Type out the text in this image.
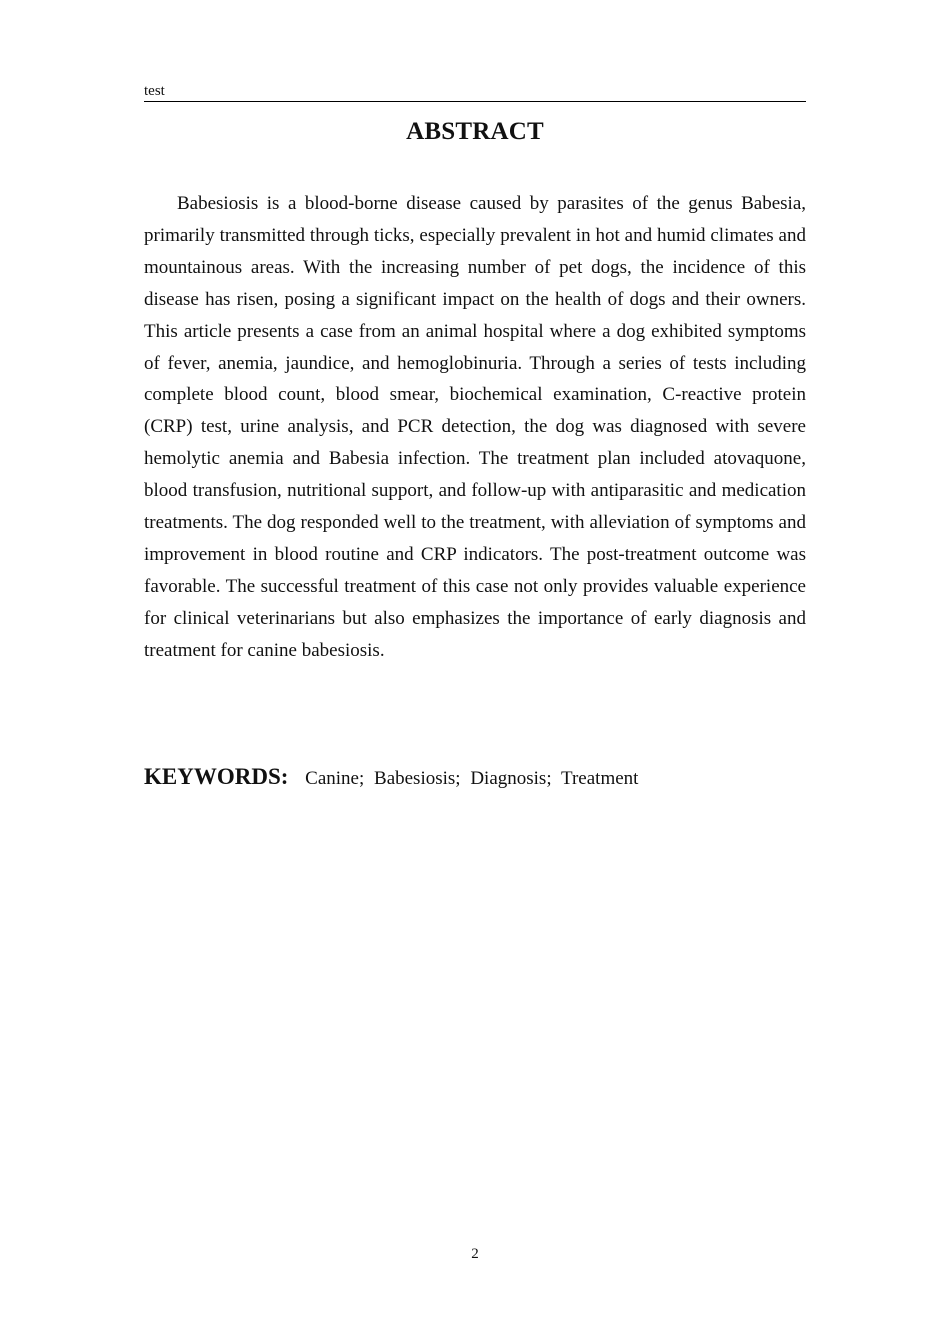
test
ABSTRACT

Babesiosis is a blood-borne disease caused by parasites of the genus Babesia, primarily transmitted through ticks, especially prevalent in hot and humid climates and mountainous areas. With the increasing number of pet dogs, the incidence of this disease has risen, posing a significant impact on the health of dogs and their owners. This article presents a case from an animal hospital where a dog exhibited symptoms of fever, anemia, jaundice, and hemoglobinuria. Through a series of tests including complete blood count, blood smear, biochemical examination, C-reactive protein (CRP) test, urine analysis, and PCR detection, the dog was diagnosed with severe hemolytic anemia and Babesia infection. The treatment plan included atovaquone, blood transfusion, nutritional support, and follow-up with antiparasitic and medication treatments. The dog responded well to the treatment, with alleviation of symptoms and improvement in blood routine and CRP indicators. The post-treatment outcome was favorable. The successful treatment of this case not only provides valuable experience for clinical veterinarians but also emphasizes the importance of early diagnosis and treatment for canine babesiosis.

KEYWORDS: Canine; Babesiosis; Diagnosis; Treatment
2
